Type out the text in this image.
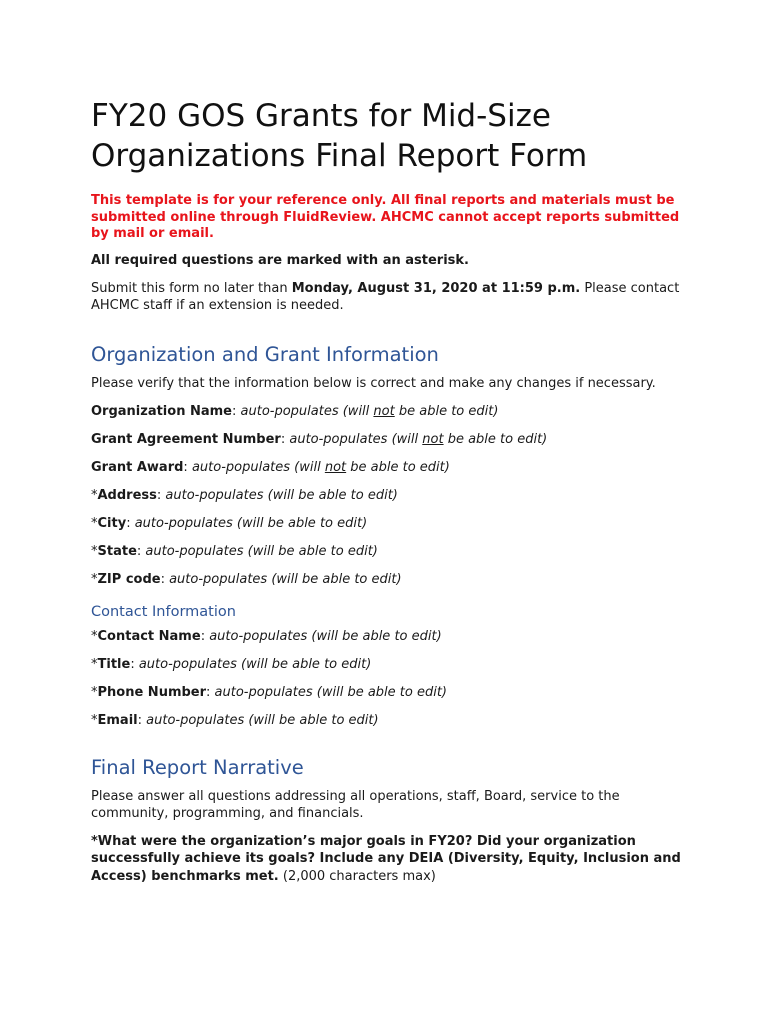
FY20 GOS Grants for Mid-Size
Organizations Final Report Form

This template is for your reference only. All final reports and materials must be submitted online through FluidReview. AHCMC cannot accept reports submitted by mail or email.

All required questions are marked with an asterisk.

Submit this form no later than Monday, August 31, 2020 at 11:59 p.m. Please contact AHCMC staff if an extension is needed.

Organization and Grant Information

Please verify that the information below is correct and make any changes if necessary.

Organization Name: auto-populates (will not be able to edit)

Grant Agreement Number: auto-populates (will not be able to edit)

Grant Award: auto-populates (will not be able to edit)

*Address: auto-populates (will be able to edit)

*City: auto-populates (will be able to edit)

*State: auto-populates (will be able to edit)

*ZIP code: auto-populates (will be able to edit)

Contact Information

*Contact Name: auto-populates (will be able to edit)

*Title: auto-populates (will be able to edit)

*Phone Number: auto-populates (will be able to edit)

*Email: auto-populates (will be able to edit)

Final Report Narrative

Please answer all questions addressing all operations, staff, Board, service to the community, programming, and financials.

*What were the organization’s major goals in FY20? Did your organization successfully achieve its goals? Include any DEIA (Diversity, Equity, Inclusion and Access) benchmarks met. (2,000 characters max)
